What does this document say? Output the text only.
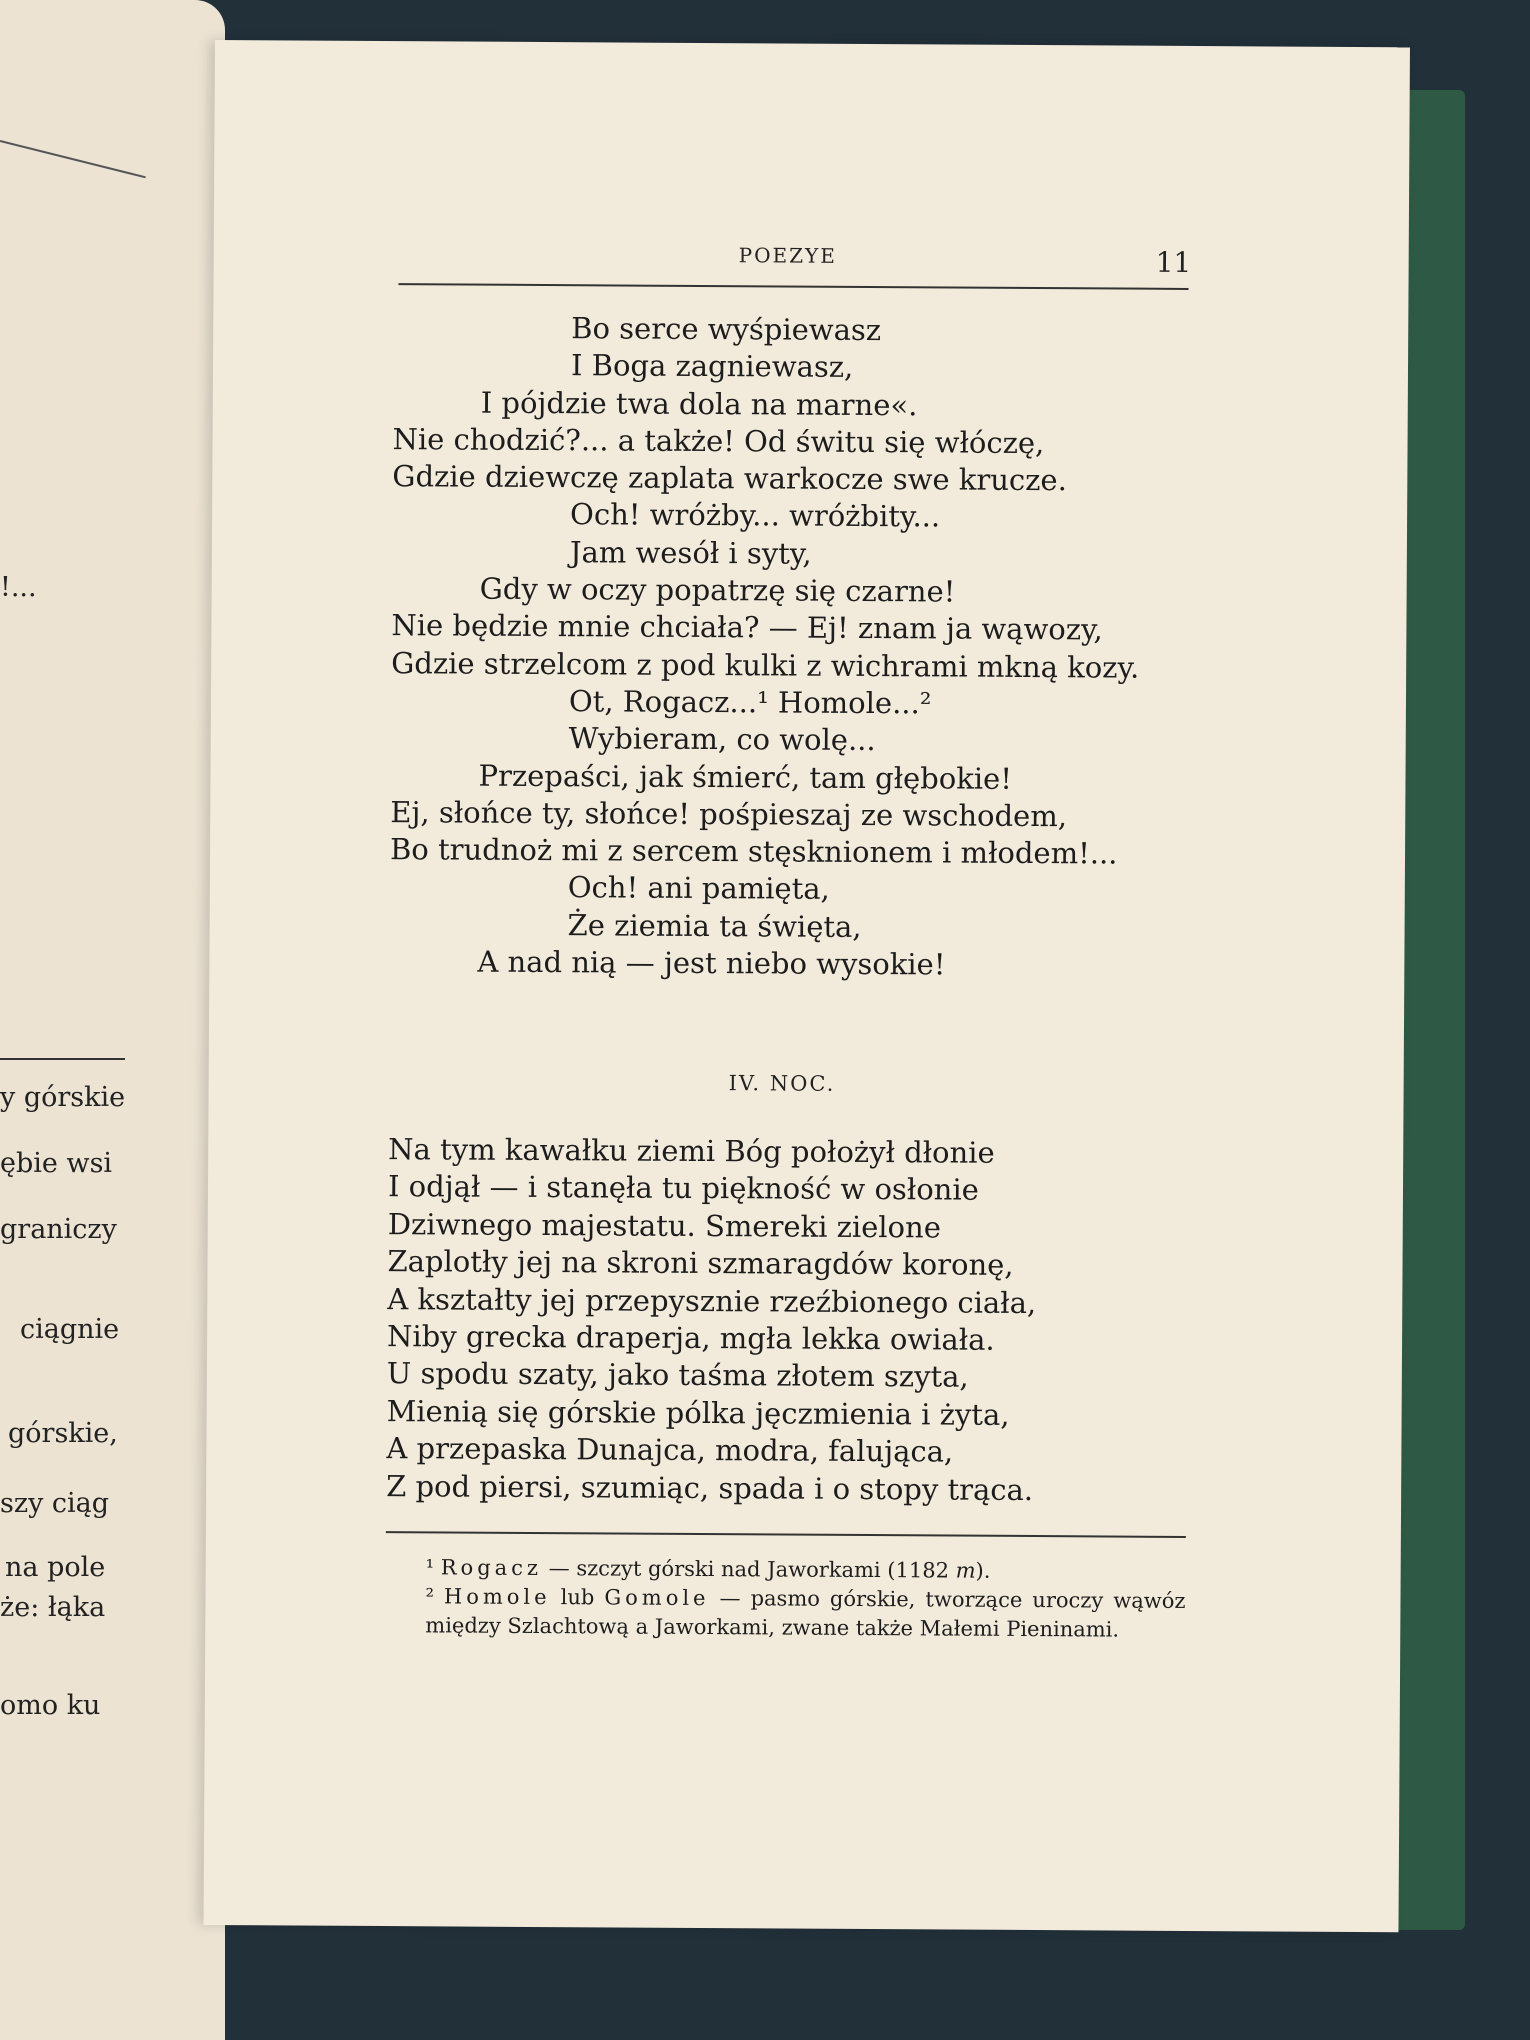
!...
y górskie
ębie wsi
graniczy
ciągnie
górskie,
szy ciąg
na pole
że: łąka
omo ku
POEZYE	11
Bo serce wyśpiewasz
I Boga zagniewasz,
I pójdzie twa dola na marne«.
Nie chodzić?... a także! Od świtu się włóczę,
Gdzie dziewczę zaplata warkocze swe krucze.
Och! wróżby... wróżbity...
Jam wesół i syty,
Gdy w oczy popatrzę się czarne!
Nie będzie mnie chciała? — Ej! znam ja wąwozy,
Gdzie strzelcom z pod kulki z wichrami mkną kozy.
Ot, Rogacz...¹ Homole...²
Wybieram, co wolę...
Przepaści, jak śmierć, tam głębokie!
Ej, słońce ty, słońce! pośpieszaj ze wschodem,
Bo trudnoż mi z sercem stęsknionem i młodem!...
Och! ani pamięta,
Że ziemia ta święta,
A nad nią — jest niebo wysokie!
IV. NOC.
Na tym kawałku ziemi Bóg położył dłonie
I odjął — i stanęła tu piękność w osłonie
Dziwnego majestatu. Smereki zielone
Zaplotły jej na skroni szmaragdów koronę,
A kształty jej przepysznie rzeźbionego ciała,
Niby grecka draperja, mgła lekka owiała.
U spodu szaty, jako taśma złotem szyta,
Mienią się górskie pólka jęczmienia i żyta,
A przepaska Dunajca, modra, falująca,
Z pod piersi, szumiąc, spada i o stopy trąca.

¹ Rogacz — szczyt górski nad Jaworkami (1182 m).

² Homole lub Gomole — pasmo górskie, tworzące uroczy wąwóz między Szlachtową a Jaworkami, zwane także Małemi Pieninami.
